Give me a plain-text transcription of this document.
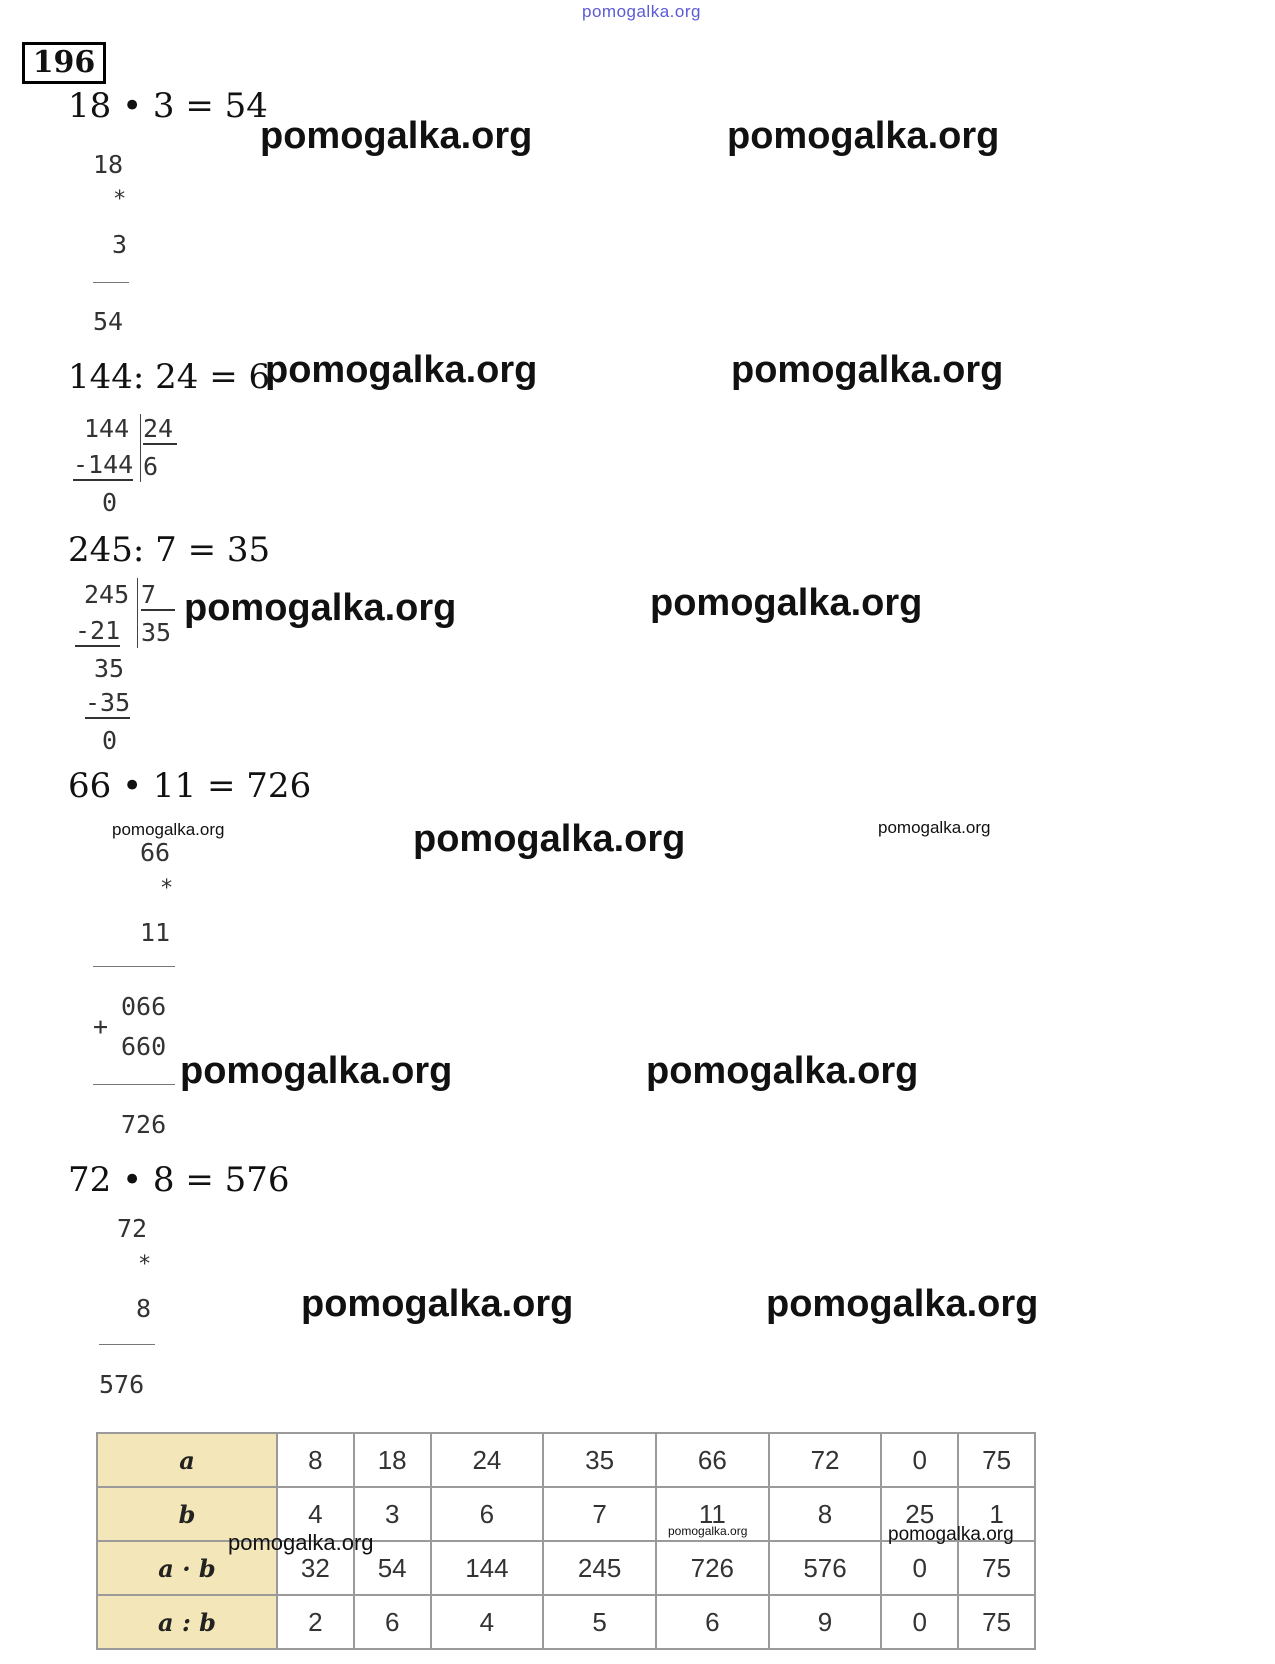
pomogalka.org
196
18 • 3 = 54
pomogalka.org	pomogalka.org
18
*
3
54
144: 24 = 6
pomogalka.org	pomogalka.org
144 24
-144 6
0
245: 7 = 35
245 7 pomogalka.org	pomogalka.org
-21 35
35
-35
0
66 • 11 = 726
pomogalka.org	pomogalka.org	pomogalka.org
66
*
11
066
+
660
pomogalka.org	pomogalka.org
726
72 • 8 = 576
72
*
8	pomogalka.org	pomogalka.org
576
a	8	18	24	35	66	72	0	75
b	4	3	6	7	11	8	25	1
a · b	32	54	144	245	726	576	0	75
a : b	2	6	4	5	6	9	0	75
pomogalka.org	pomogalka.org	pomogalka.org
